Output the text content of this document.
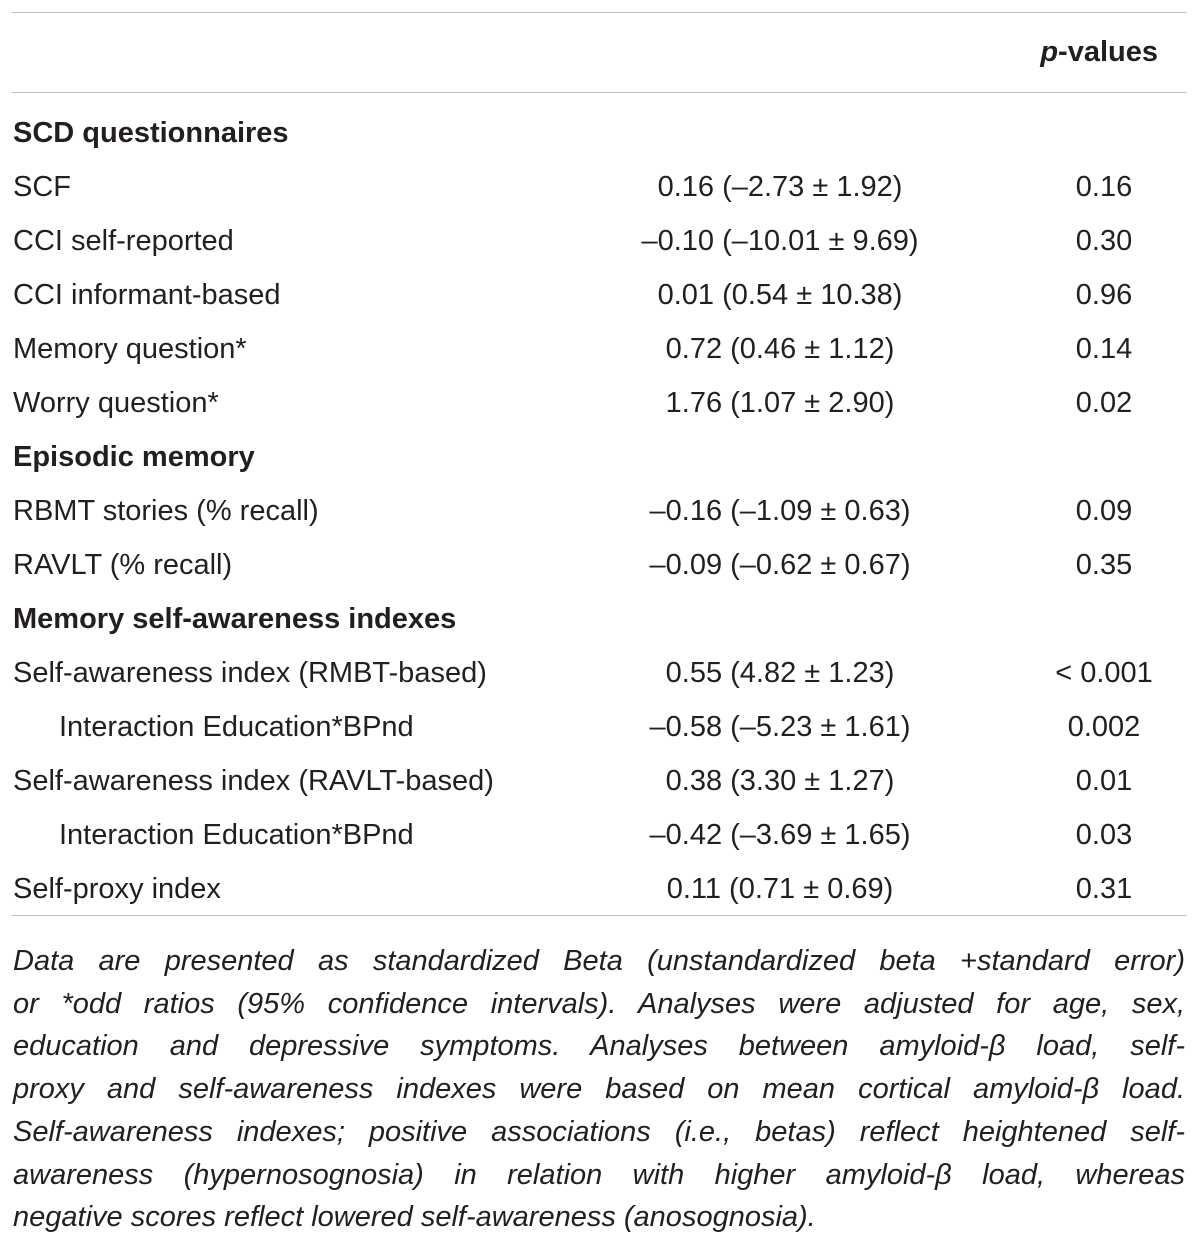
p-values
SCD questionnaires
SCF	0.16 (–2.73 ± 1.92)	0.16
CCI self-reported	–0.10 (–10.01 ± 9.69)	0.30
CCI informant-based	0.01 (0.54 ± 10.38)	0.96
Memory question*	0.72 (0.46 ± 1.12)	0.14
Worry question*	1.76 (1.07 ± 2.90)	0.02
Episodic memory
RBMT stories (% recall)	–0.16 (–1.09 ± 0.63)	0.09
RAVLT (% recall)	–0.09 (–0.62 ± 0.67)	0.35
Memory self-awareness indexes
Self-awareness index (RMBT-based)	0.55 (4.82 ± 1.23)	< 0.001
Interaction Education*BPnd	–0.58 (–5.23 ± 1.61)	0.002
Self-awareness index (RAVLT-based)	0.38 (3.30 ± 1.27)	0.01
Interaction Education*BPnd	–0.42 (–3.69 ± 1.65)	0.03
Self-proxy index	0.11 (0.71 ± 0.69)	0.31
Data are presented as standardized Beta (unstandardized beta +standard error)
or *odd ratios (95% confidence intervals). Analyses were adjusted for age, sex,
education and depressive symptoms. Analyses between amyloid-β load, self-
proxy and self-awareness indexes were based on mean cortical amyloid-β load.
Self-awareness indexes; positive associations (i.e., betas) reflect heightened self-
awareness (hypernosognosia) in relation with higher amyloid-β load, whereas
negative scores reflect lowered self-awareness (anosognosia).
